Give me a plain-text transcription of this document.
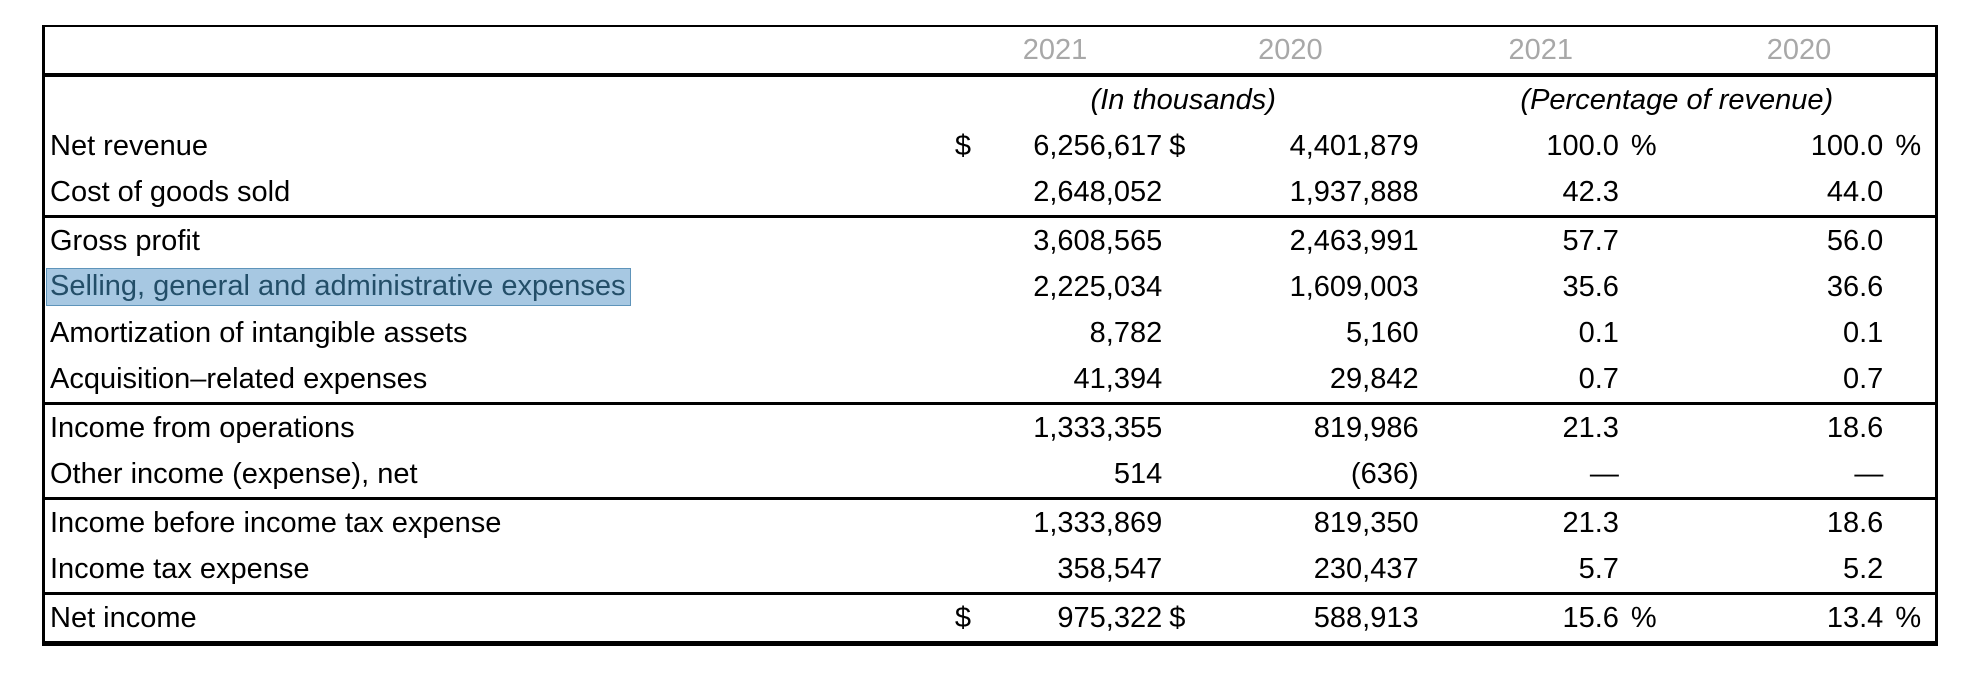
	2021		2020		2021		2020	
	(In thousands)				(Percentage of revenue)			
Net revenue	$	6,256,617	$	4,401,879	100.0	%	100.0	%
Cost of goods sold		2,648,052		1,937,888	42.3		44.0	
Gross profit		3,608,565		2,463,991	57.7		56.0	
Selling, general and administrative expenses		2,225,034		1,609,003	35.6		36.6	
Amortization of intangible assets		8,782		5,160	0.1		0.1	
Acquisition–related expenses		41,394		29,842	0.7		0.7	
Income from operations		1,333,355		819,986	21.3		18.6	
Other income (expense), net		514		(636)	—		—	
Income before income tax expense		1,333,869		819,350	21.3		18.6	
Income tax expense		358,547		230,437	5.7		5.2	
Net income	$	975,322	$	588,913	15.6	%	13.4	%
